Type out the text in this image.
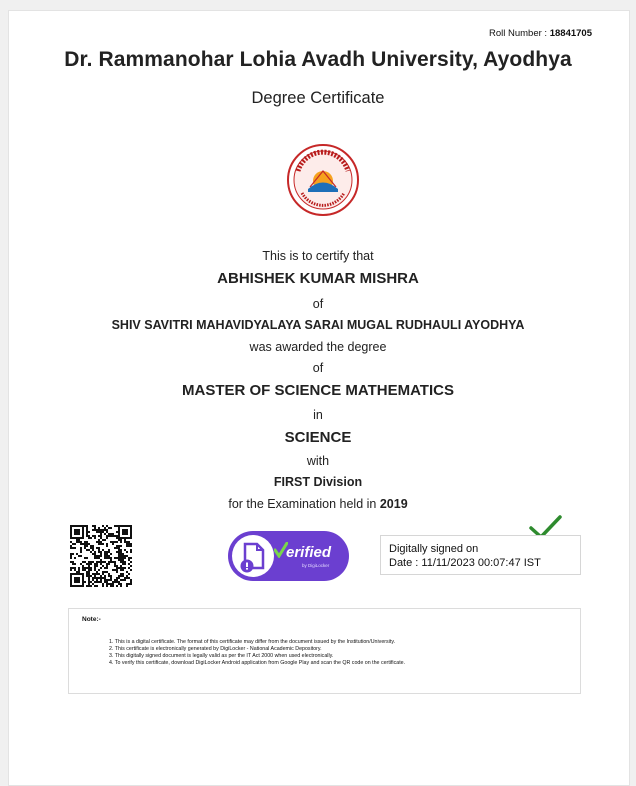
Roll Number : 18841705
Dr. Rammanohar Lohia Avadh University, Ayodhya
Degree Certificate
This is to certify that
ABHISHEK KUMAR MISHRA
of
SHIV SAVITRI MAHAVIDYALAYA SARAI MUGAL RUDHAULI AYODHYA
was awarded the degree
of
MASTER OF SCIENCE MATHEMATICS
in
SCIENCE
with
FIRST Division
for the Examination held in 2019
erified
by DigiLocker
Digitally signed on
Date : 11/11/2023 00:07:47 IST
Note:-
1. This is a digital certificate. The format of this certificate may differ from the document issued by the Institution/University.
2. This certificate is electronically generated by DigiLocker - National Academic Depository.
3. This digitally signed document is legally valid as per the IT Act 2000 when used electronically.
4. To verify this certificate, download DigiLocker Android application from Google Play and scan the QR code on the certificate.
